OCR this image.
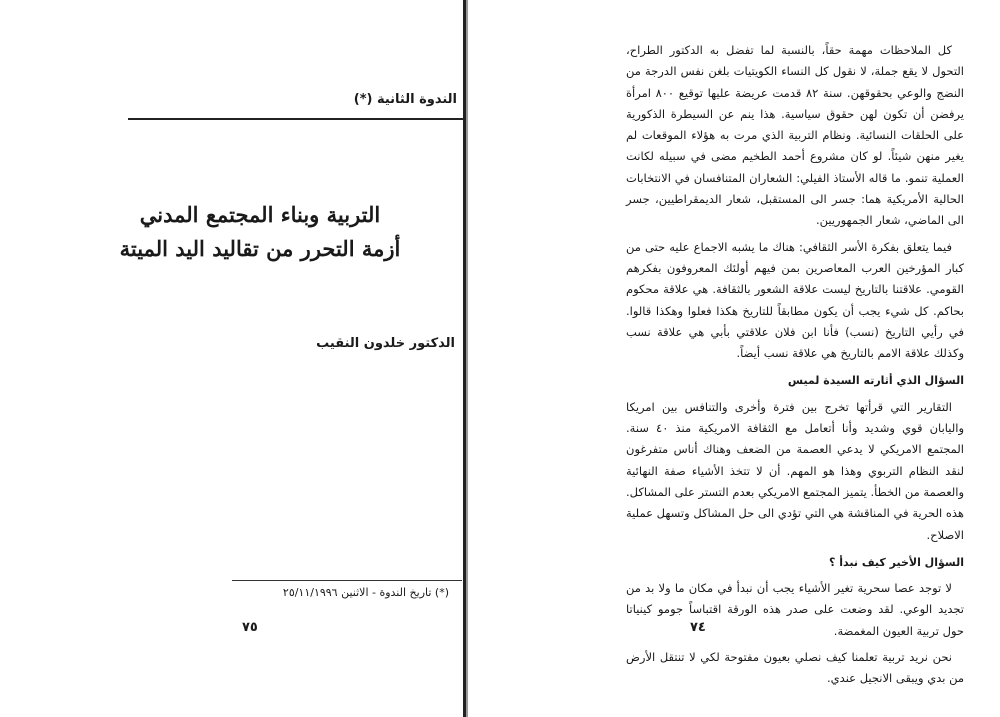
الندوة الثانية (*)
التربية وبناء المجتمع المدني
أزمة التحرر من تقاليد اليد الميتة
الدكتور خلدون النقيب
(*) تاريخ الندوة - الاثنين ٢٥/١١/١٩٩٦
٧٥

كل الملاحظات مهمة حقاً، بالنسبة لما تفضل به الدكتور الطراح، التحول لا يقع جملة، لا نقول كل النساء الكويتيات بلغن نفس الدرجة من النضج والوعي بحقوقهن. سنة ٨٢ قدمت عريضة عليها توقيع ٨٠٠ امرأة يرفضن أن تكون لهن حقوق سياسية. هذا ينم عن السيطرة الذكورية على الحلقات النسائية. ونظام التربية الذي مرت به هؤلاء الموقعات لم يغير منهن شيئاً. لو كان مشروع أحمد الطخيم مضى في سبيله لكانت العملية تنمو. ما قاله الأستاذ الفيلي: الشعاران المتنافسان في الانتخابات الحالية الأمريكية هما: جسر الى المستقبل، شعار الديمقراطيين، جسر الى الماضي، شعار الجمهوريين.

فيما يتعلق بفكرة الأسر الثقافي: هناك ما يشبه الاجماع عليه حتى من كبار المؤرخين العرب المعاصرين بمن فيهم أولئك المعروفون بفكرهم القومي. علاقتنا بالتاريخ ليست علاقة الشعور بالثقافة. هي علاقة محكوم بحاكم. كل شيء يجب أن يكون مطابقاً للتاريخ هكذا فعلوا وهكذا قالوا. في رأيي التاريخ (نسب) فأنا ابن فلان علاقتي بأبي هي علاقة نسب وكذلك علاقة الامم بالتاريخ هي علاقة نسب أيضاً.

السؤال الذي أثارته السيدة لميس

التقارير التي قرأتها تخرج بين فترة وأخرى والتنافس بين امريكا واليابان قوي وشديد وأنا أتعامل مع الثقافة الامريكية منذ ٤٠ سنة. المجتمع الامريكي لا يدعي العصمة من الضعف وهناك أناس متفرغون لنقد النظام التربوي وهذا هو المهم. أن لا تتخذ الأشياء صفة النهائية والعصمة من الخطأ. يتميز المجتمع الامريكي بعدم التستر على المشاكل. هذه الحرية في المناقشة هي التي تؤدي الى حل المشاكل وتسهل عملية الاصلاح.

السؤال الأخير كيف نبدأ ؟

لا توجد عصا سحرية تغير الأشياء يجب أن نبدأ في مكان ما ولا بد من تجديد الوعي. لقد وضعت على صدر هذه الورقة اقتباساً جومو كينياتا حول تربية العيون المغمضة.

نحن نريد تربية تعلمنا كيف نصلي بعيون مفتوحة لكي لا تنتقل الأرض من بدي ويبقى الانجيل عندي.

٧٤
